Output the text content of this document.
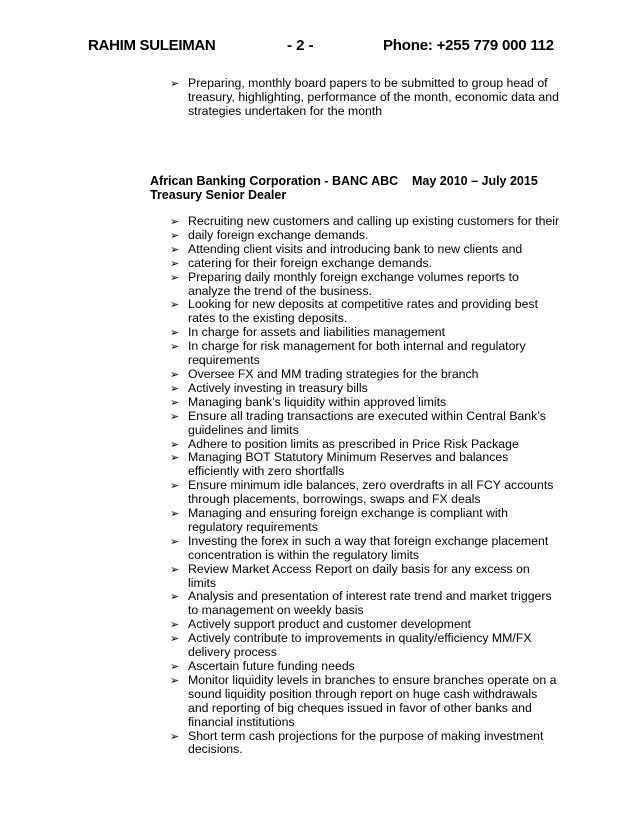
RAHIM SULEIMAN	- 2 -	Phone: +255 779 000 112
➢ Preparing, monthly board papers to be submitted to group head of treasury, highlighting, performance of the month, economic data and strategies undertaken for the month
African Banking Corporation - BANC ABC May 2010 – July 2015
Treasury Senior Dealer
➢ Recruiting new customers and calling up existing customers for their
➢ daily foreign exchange demands.
➢ Attending client visits and introducing bank to new clients and
➢ catering for their foreign exchange demands.
➢ Preparing daily monthly foreign exchange volumes reports to analyze the trend of the business.
➢ Looking for new deposits at competitive rates and providing best rates to the existing deposits.
➢ In charge for assets and liabilities management
➢ In charge for risk management for both internal and regulatory requirements
➢ Oversee FX and MM trading strategies for the branch
➢ Actively investing in treasury bills
➢ Managing bank’s liquidity within approved limits
➢ Ensure all trading transactions are executed within Central Bank’s guidelines and limits
➢ Adhere to position limits as prescribed in Price Risk Package
➢ Managing BOT Statutory Minimum Reserves and balances efficiently with zero shortfalls
➢ Ensure minimum idle balances, zero overdrafts in all FCY accounts through placements, borrowings, swaps and FX deals
➢ Managing and ensuring foreign exchange is compliant with regulatory requirements
➢ Investing the forex in such a way that foreign exchange placement concentration is within the regulatory limits
➢ Review Market Access Report on daily basis for any excess on limits
➢ Analysis and presentation of interest rate trend and market triggers to management on weekly basis
➢ Actively support product and customer development
➢ Actively contribute to improvements in quality/efficiency MM/FX delivery process
➢ Ascertain future funding needs
➢ Monitor liquidity levels in branches to ensure branches operate on a sound liquidity position through report on huge cash withdrawals and reporting of big cheques issued in favor of other banks and financial institutions
➢ Short term cash projections for the purpose of making investment decisions.
